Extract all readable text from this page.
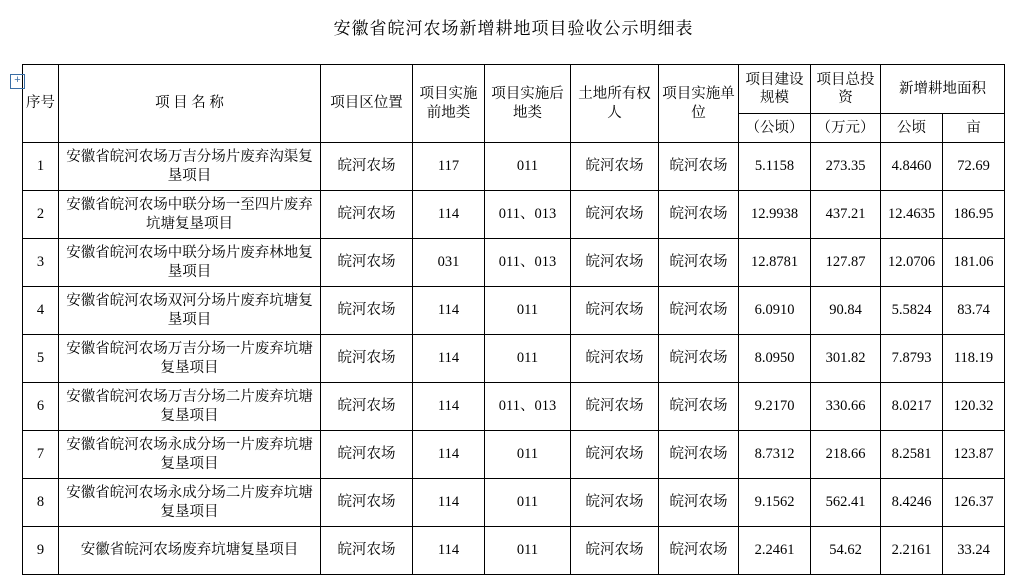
+
安徽省皖河农场新增耕地项目验收公示明细表
序号	项 目 名 称	项目区位置	项目实施前地类	项目实施后地类	土地所有权人	项目实施单位	项目建设规模	项目总投资	新增耕地面积	
							（公顷）	（万元）	公顷	亩
1	安徽省皖河农场万吉分场片废弃沟渠复垦项目	皖河农场	117	011	皖河农场	皖河农场	5.1158	273.35	4.8460	72.69
2	安徽省皖河农场中联分场一至四片废弃坑塘复垦项目	皖河农场	114	011、013	皖河农场	皖河农场	12.9938	437.21	12.4635	186.95
3	安徽省皖河农场中联分场片废弃林地复垦项目	皖河农场	031	011、013	皖河农场	皖河农场	12.8781	127.87	12.0706	181.06
4	安徽省皖河农场双河分场片废弃坑塘复垦项目	皖河农场	114	011	皖河农场	皖河农场	6.0910	90.84	5.5824	83.74
5	安徽省皖河农场万吉分场一片废弃坑塘复垦项目	皖河农场	114	011	皖河农场	皖河农场	8.0950	301.82	7.8793	118.19
6	安徽省皖河农场万吉分场二片废弃坑塘复垦项目	皖河农场	114	011、013	皖河农场	皖河农场	9.2170	330.66	8.0217	120.32
7	安徽省皖河农场永成分场一片废弃坑塘复垦项目	皖河农场	114	011	皖河农场	皖河农场	8.7312	218.66	8.2581	123.87
8	安徽省皖河农场永成分场二片废弃坑塘复垦项目	皖河农场	114	011	皖河农场	皖河农场	9.1562	562.41	8.4246	126.37
9	安徽省皖河农场废弃坑塘复垦项目	皖河农场	114	011	皖河农场	皖河农场	2.2461	54.62	2.2161	33.24
